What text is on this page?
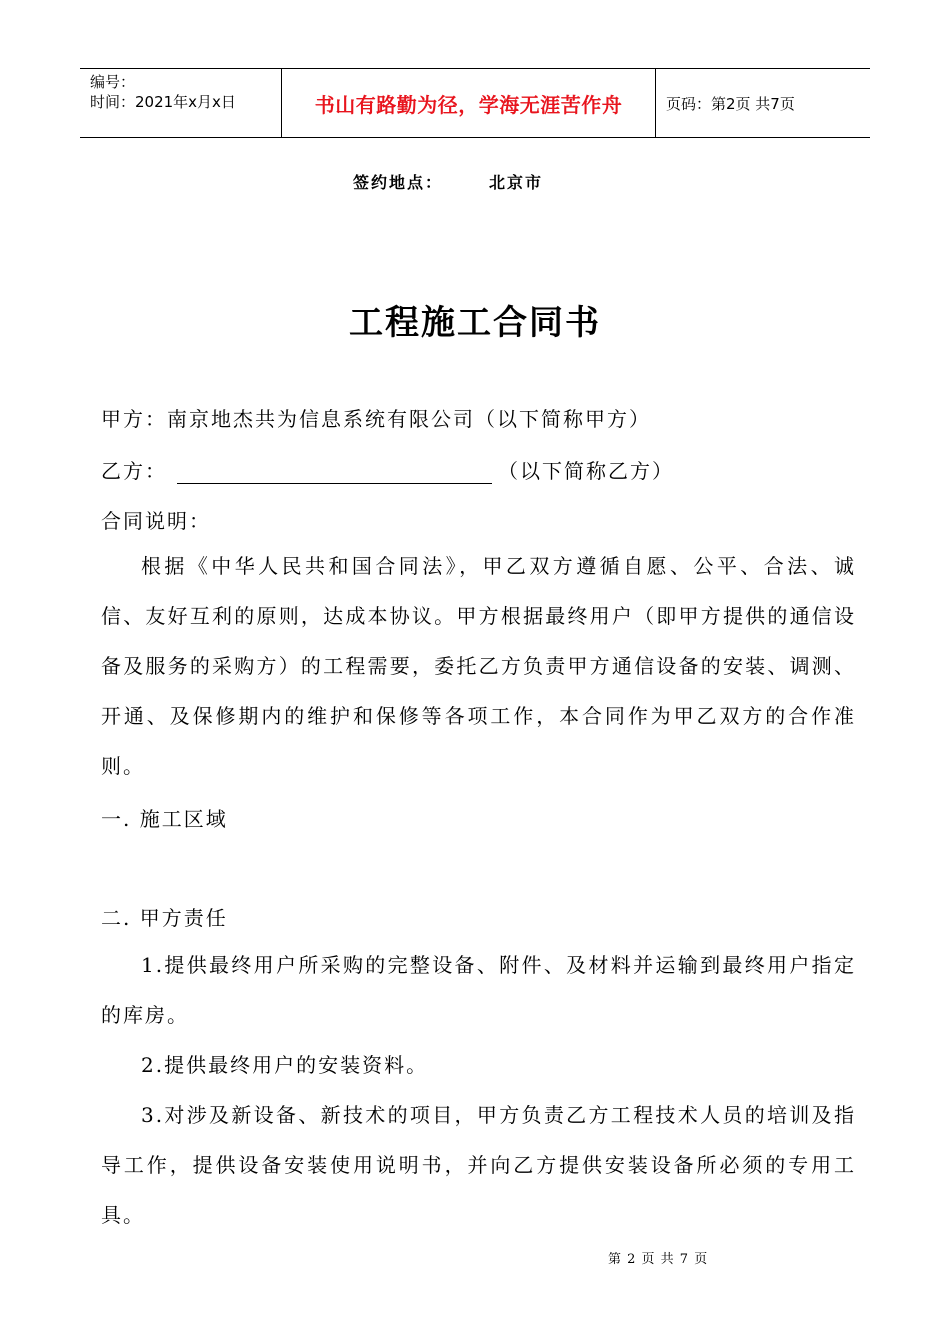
编号：
时间：2021年x月x日	书山有路勤为径，学海无涯苦作舟	页码：第2页 共7页
签约地点：	北京市
工程施工合同书
甲方：南京地杰共为信息系统有限公司（以下简称甲方）
乙方：	（以下简称乙方）
合同说明：
根据《中华人民共和国合同法》，甲乙双方遵循自愿、公平、合法、诚信、友好互利的原则，达成本协议。甲方根据最终用户（即甲方提供的通信设备及服务的采购方）的工程需要，委托乙方负责甲方通信设备的安装、调测、开通、及保修期内的维护和保修等各项工作，本合同作为甲乙双方的合作准则。
一. 施工区域
二. 甲方责任
1.提供最终用户所采购的完整设备、附件、及材料并运输到最终用户指定的库房。
2.提供最终用户的安装资料。
3.对涉及新设备、新技术的项目，甲方负责乙方工程技术人员的培训及指导工作，提供设备安装使用说明书，并向乙方提供安装设备所必须的专用工具。
第 2 页 共 7 页
